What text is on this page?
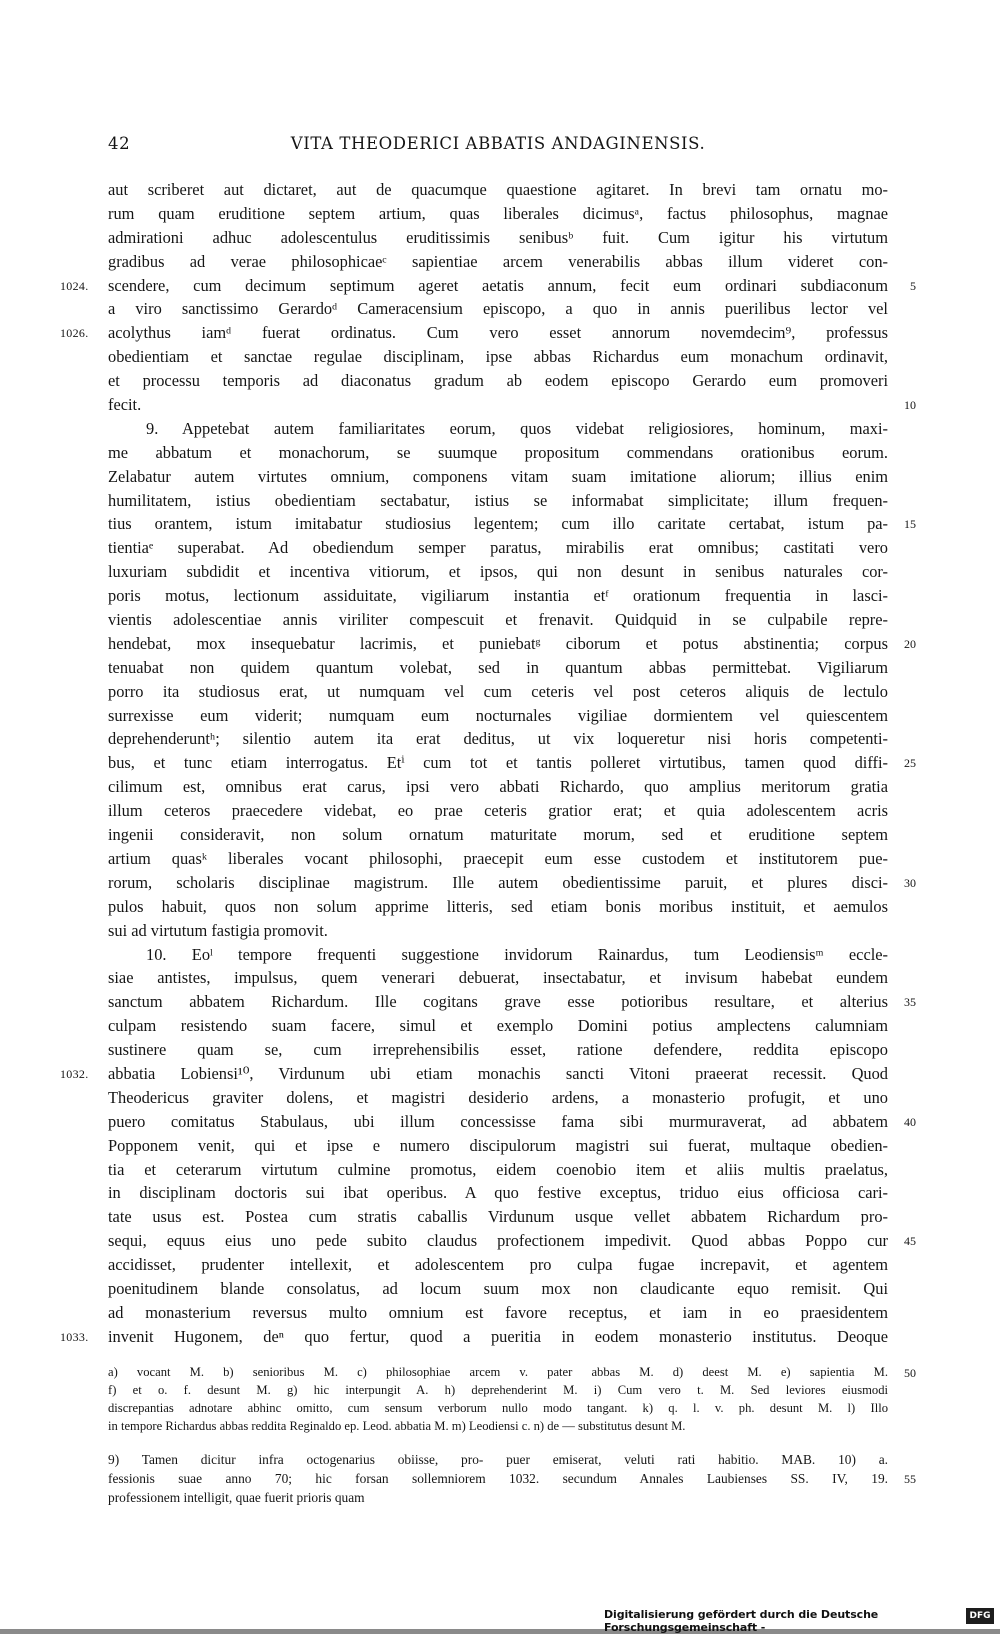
42	VITA THEODERICI ABBATIS ANDAGINENSIS.
aut scriberet aut dictaret, aut de quacumque quaestione agitaret. In brevi tam ornatu mo-
rum quam eruditione septem artium, quas liberales dicimusᵃ, factus philosophus, magnae
admirationi adhuc adolescentulus eruditissimis senibusᵇ fuit. Cum igitur his virtutum
gradibus ad verae philosophicaeᶜ sapientiae arcem venerabilis abbas illum videret con-
scendere, cum decimum septimum ageret aetatis annum, fecit eum ordinari subdiaconum
1024.	5
a viro sanctissimo Gerardoᵈ Cameracensium episcopo, a quo in annis puerilibus lector vel
acolythus iamᵈ fuerat ordinatus. Cum vero esset annorum novemdecim⁹, professus
1026.
obedientiam et sanctae regulae disciplinam, ipse abbas Richardus eum monachum ordinavit,
et processu temporis ad diaconatus gradum ab eodem episcopo Gerardo eum promoveri
fecit.	10
9. Appetebat autem familiaritates eorum, quos videbat religiosiores, hominum, maxi-
me abbatum et monachorum, se suumque propositum commendans orationibus eorum.
Zelabatur autem virtutes omnium, componens vitam suam imitatione aliorum; illius enim
humilitatem, istius obedientiam sectabatur, istius se informabat simplicitate; illum frequen-
tius orantem, istum imitabatur studiosius legentem; cum illo caritate certabat, istum pa- 15
tientiaᵉ superabat. Ad obediendum semper paratus, mirabilis erat omnibus; castitati vero
luxuriam subdidit et incentiva vitiorum, et ipsos, qui non desunt in senibus naturales cor-
poris motus, lectionum assiduitate, vigiliarum instantia etᶠ orationum frequentia in lasci-
vientis adolescentiae annis viriliter compescuit et frenavit. Quidquid in se culpabile repre-
hendebat, mox insequebatur lacrimis, et puniebatᵍ ciborum et potus abstinentia; corpus 20
tenuabat non quidem quantum volebat, sed in quantum abbas permittebat. Vigiliarum
porro ita studiosus erat, ut numquam vel cum ceteris vel post ceteros aliquis de lectulo
surrexisse eum viderit; numquam eum nocturnales vigiliae dormientem vel quiescentem
deprehenderuntʰ; silentio autem ita erat deditus, ut vix loqueretur nisi horis competenti-
bus, et tunc etiam interrogatus. Etⁱ cum tot et tantis polleret virtutibus, tamen quod diffi- 25
cilimum est, omnibus erat carus, ipsi vero abbati Richardo, quo amplius meritorum gratia
illum ceteros praecedere videbat, eo prae ceteris gratior erat; et quia adolescentem acris
ingenii consideravit, non solum ornatum maturitate morum, sed et eruditione septem
artium quasᵏ liberales vocant philosophi, praecepit eum esse custodem et institutorem pue-
rorum, scholaris disciplinae magistrum. Ille autem obedientissime paruit, et plures disci- 30
pulos habuit, quos non solum apprime litteris, sed etiam bonis moribus instituit, et aemulos
sui ad virtutum fastigia promovit.
10. Eoˡ tempore frequenti suggestione invidorum Rainardus, tum Leodiensisᵐ eccle-
siae antistes, impulsus, quem venerari debuerat, insectabatur, et invisum habebat eundem
sanctum abbatem Richardum. Ille cogitans grave esse potioribus resultare, et alterius 35
culpam resistendo suam facere, simul et exemplo Domini potius amplectens calumniam
sustinere quam se, cum irreprehensibilis esset, ratione defendere, reddita episcopo
abbatia Lobiensi¹⁰, Virdunum ubi etiam monachis sancti Vitoni praeerat recessit. Quod
1032.
Theodericus graviter dolens, et magistri desiderio ardens, a monasterio profugit, et uno
puero comitatus Stabulaus, ubi illum concessisse fama sibi murmuraverat, ad abbatem 40
Popponem venit, qui et ipse e numero discipulorum magistri sui fuerat, multaque obedien-
tia et ceterarum virtutum culmine promotus, eidem coenobio item et aliis multis praelatus,
in disciplinam doctoris sui ibat operibus. A quo festive exceptus, triduo eius officiosa cari-
tate usus est. Postea cum stratis caballis Virdunum usque vellet abbatem Richardum pro-
sequi, equus eius uno pede subito claudus profectionem impedivit. Quod abbas Poppo cur 45
accidisset, prudenter intellexit, et adolescentem pro culpa fugae increpavit, et agentem
poenitudinem blande consolatus, ad locum suum mox non claudicante equo remisit. Qui
ad monasterium reversus multo omnium est favore receptus, et iam in eo praesidentem
invenit Hugonem, deⁿ quo fertur, quod a pueritia in eodem monasterio institutus. Deoque
1033.
a) vocant M. b) senioribus M. c) philosophiae arcem v. pater abbas M. d) deest M. e) sapientia M. 50
f) et o. f. desunt M. g) hic interpungit A. h) deprehenderint M. i) Cum vero t. M. Sed leviores eiusmodi
discrepantias adnotare abhinc omitto, cum sensum verborum nullo modo tangant. k) q. l. v. ph. desunt M. l) Illo
in tempore Richardus abbas reddita Reginaldo ep. Leod. abbatia M. m) Leodiensi c. n) de — substitutus desunt M.
9) Tamen dicitur infra octogenarius obiisse, pro- puer emiserat, veluti rati habitio. MAB. 10) a.
fessionis suae anno 70; hic forsan sollemniorem 1032. secundum Annales Laubienses SS. IV, 19. 55
professionem intelligit, quae fuerit prioris quam
Digitalisierung gefördert durch die Deutsche Forschungsgemeinschaft -
DFG
